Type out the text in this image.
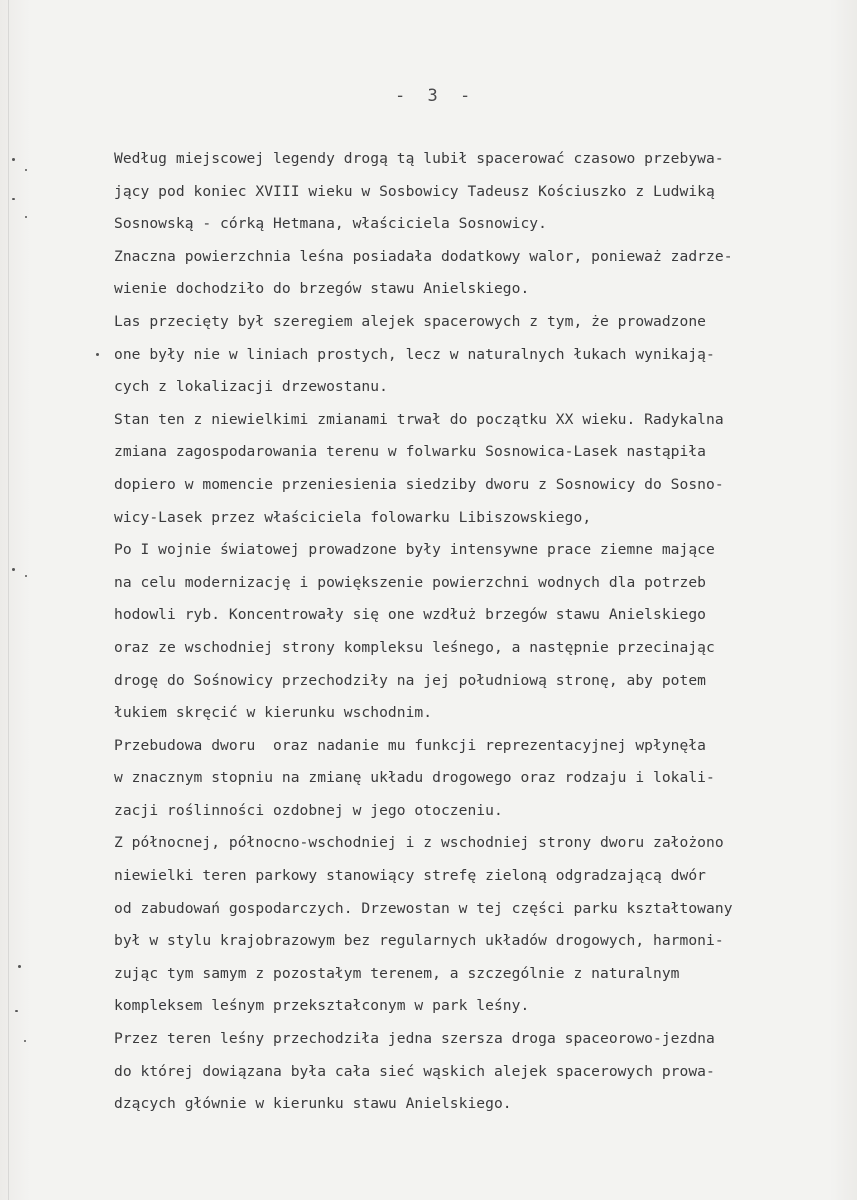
- 3 -
Według miejscowej legendy drogą tą lubił spacerować czasowo przebywa-
jący pod koniec XVIII wieku w Sosbowicy Tadeusz Kościuszko z Ludwiką
Sosnowską - córką Hetmana, właściciela Sosnowicy.
Znaczna powierzchnia leśna posiadała dodatkowy walor, ponieważ zadrze-
wienie dochodziło do brzegów stawu Anielskiego.
Las przecięty był szeregiem alejek spacerowych z tym, że prowadzone
one były nie w liniach prostych, lecz w naturalnych łukach wynikają-
cych z lokalizacji drzewostanu.
Stan ten z niewielkimi zmianami trwał do początku XX wieku. Radykalna
zmiana zagospodarowania terenu w folwarku Sosnowica-Lasek nastąpiła
dopiero w momencie przeniesienia siedziby dworu z Sosnowicy do Sosno-
wicy-Lasek przez właściciela folowarku Libiszowskiego,
Po I wojnie światowej prowadzone były intensywne prace ziemne mające
na celu modernizację i powiększenie powierzchni wodnych dla potrzeb
hodowli ryb. Koncentrowały się one wzdłuż brzegów stawu Anielskiego
oraz ze wschodniej strony kompleksu leśnego, a następnie przecinając
drogę do Sośnowicy przechodziły na jej południową stronę, aby potem
łukiem skręcić w kierunku wschodnim.
Przebudowa dworu  oraz nadanie mu funkcji reprezentacyjnej wpłynęła
w znacznym stopniu na zmianę układu drogowego oraz rodzaju i lokali-
zacji roślinności ozdobnej w jego otoczeniu.
Z północnej, północno-wschodniej i z wschodniej strony dworu założono
niewielki teren parkowy stanowiący strefę zieloną odgradzającą dwór
od zabudowań gospodarczych. Drzewostan w tej części parku kształtowany
był w stylu krajobrazowym bez regularnych układów drogowych, harmoni-
zując tym samym z pozostałym terenem, a szczególnie z naturalnym
kompleksem leśnym przekształconym w park leśny.
Przez teren leśny przechodziła jedna szersza droga spaceorowo-jezdna
do której dowiązana była cała sieć wąskich alejek spacerowych prowa-
dzących głównie w kierunku stawu Anielskiego.
